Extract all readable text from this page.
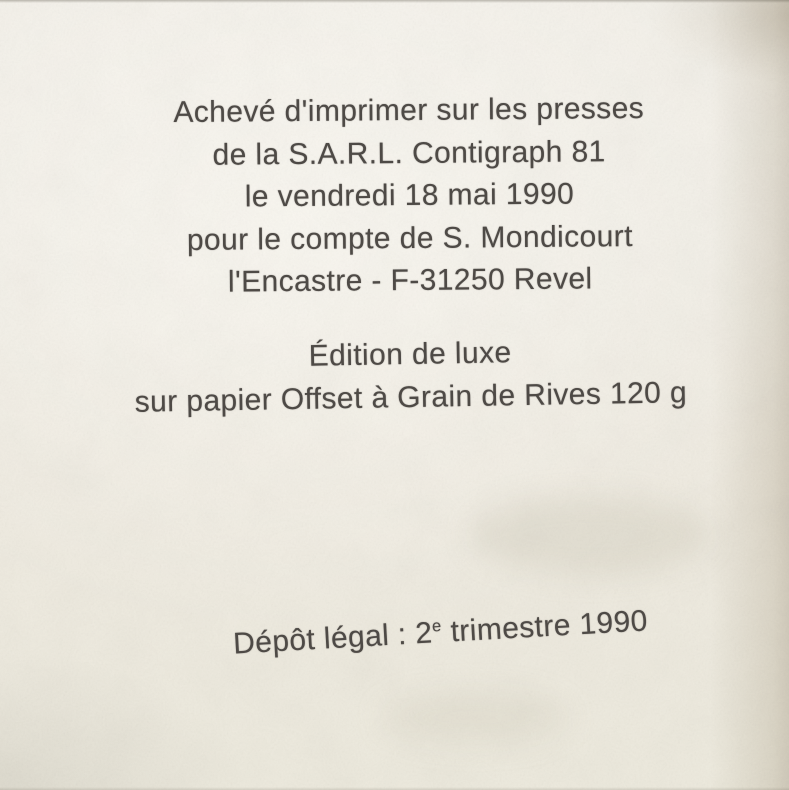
Achevé d'imprimer sur les presses
de la S.A.R.L. Contigraph 81
le vendredi 18 mai 1990
pour le compte de S. Mondicourt
l'Encastre - F-31250 Revel
Édition de luxe
sur papier Offset à Grain de Rives 120 g
Dépôt légal : 2e trimestre 1990
